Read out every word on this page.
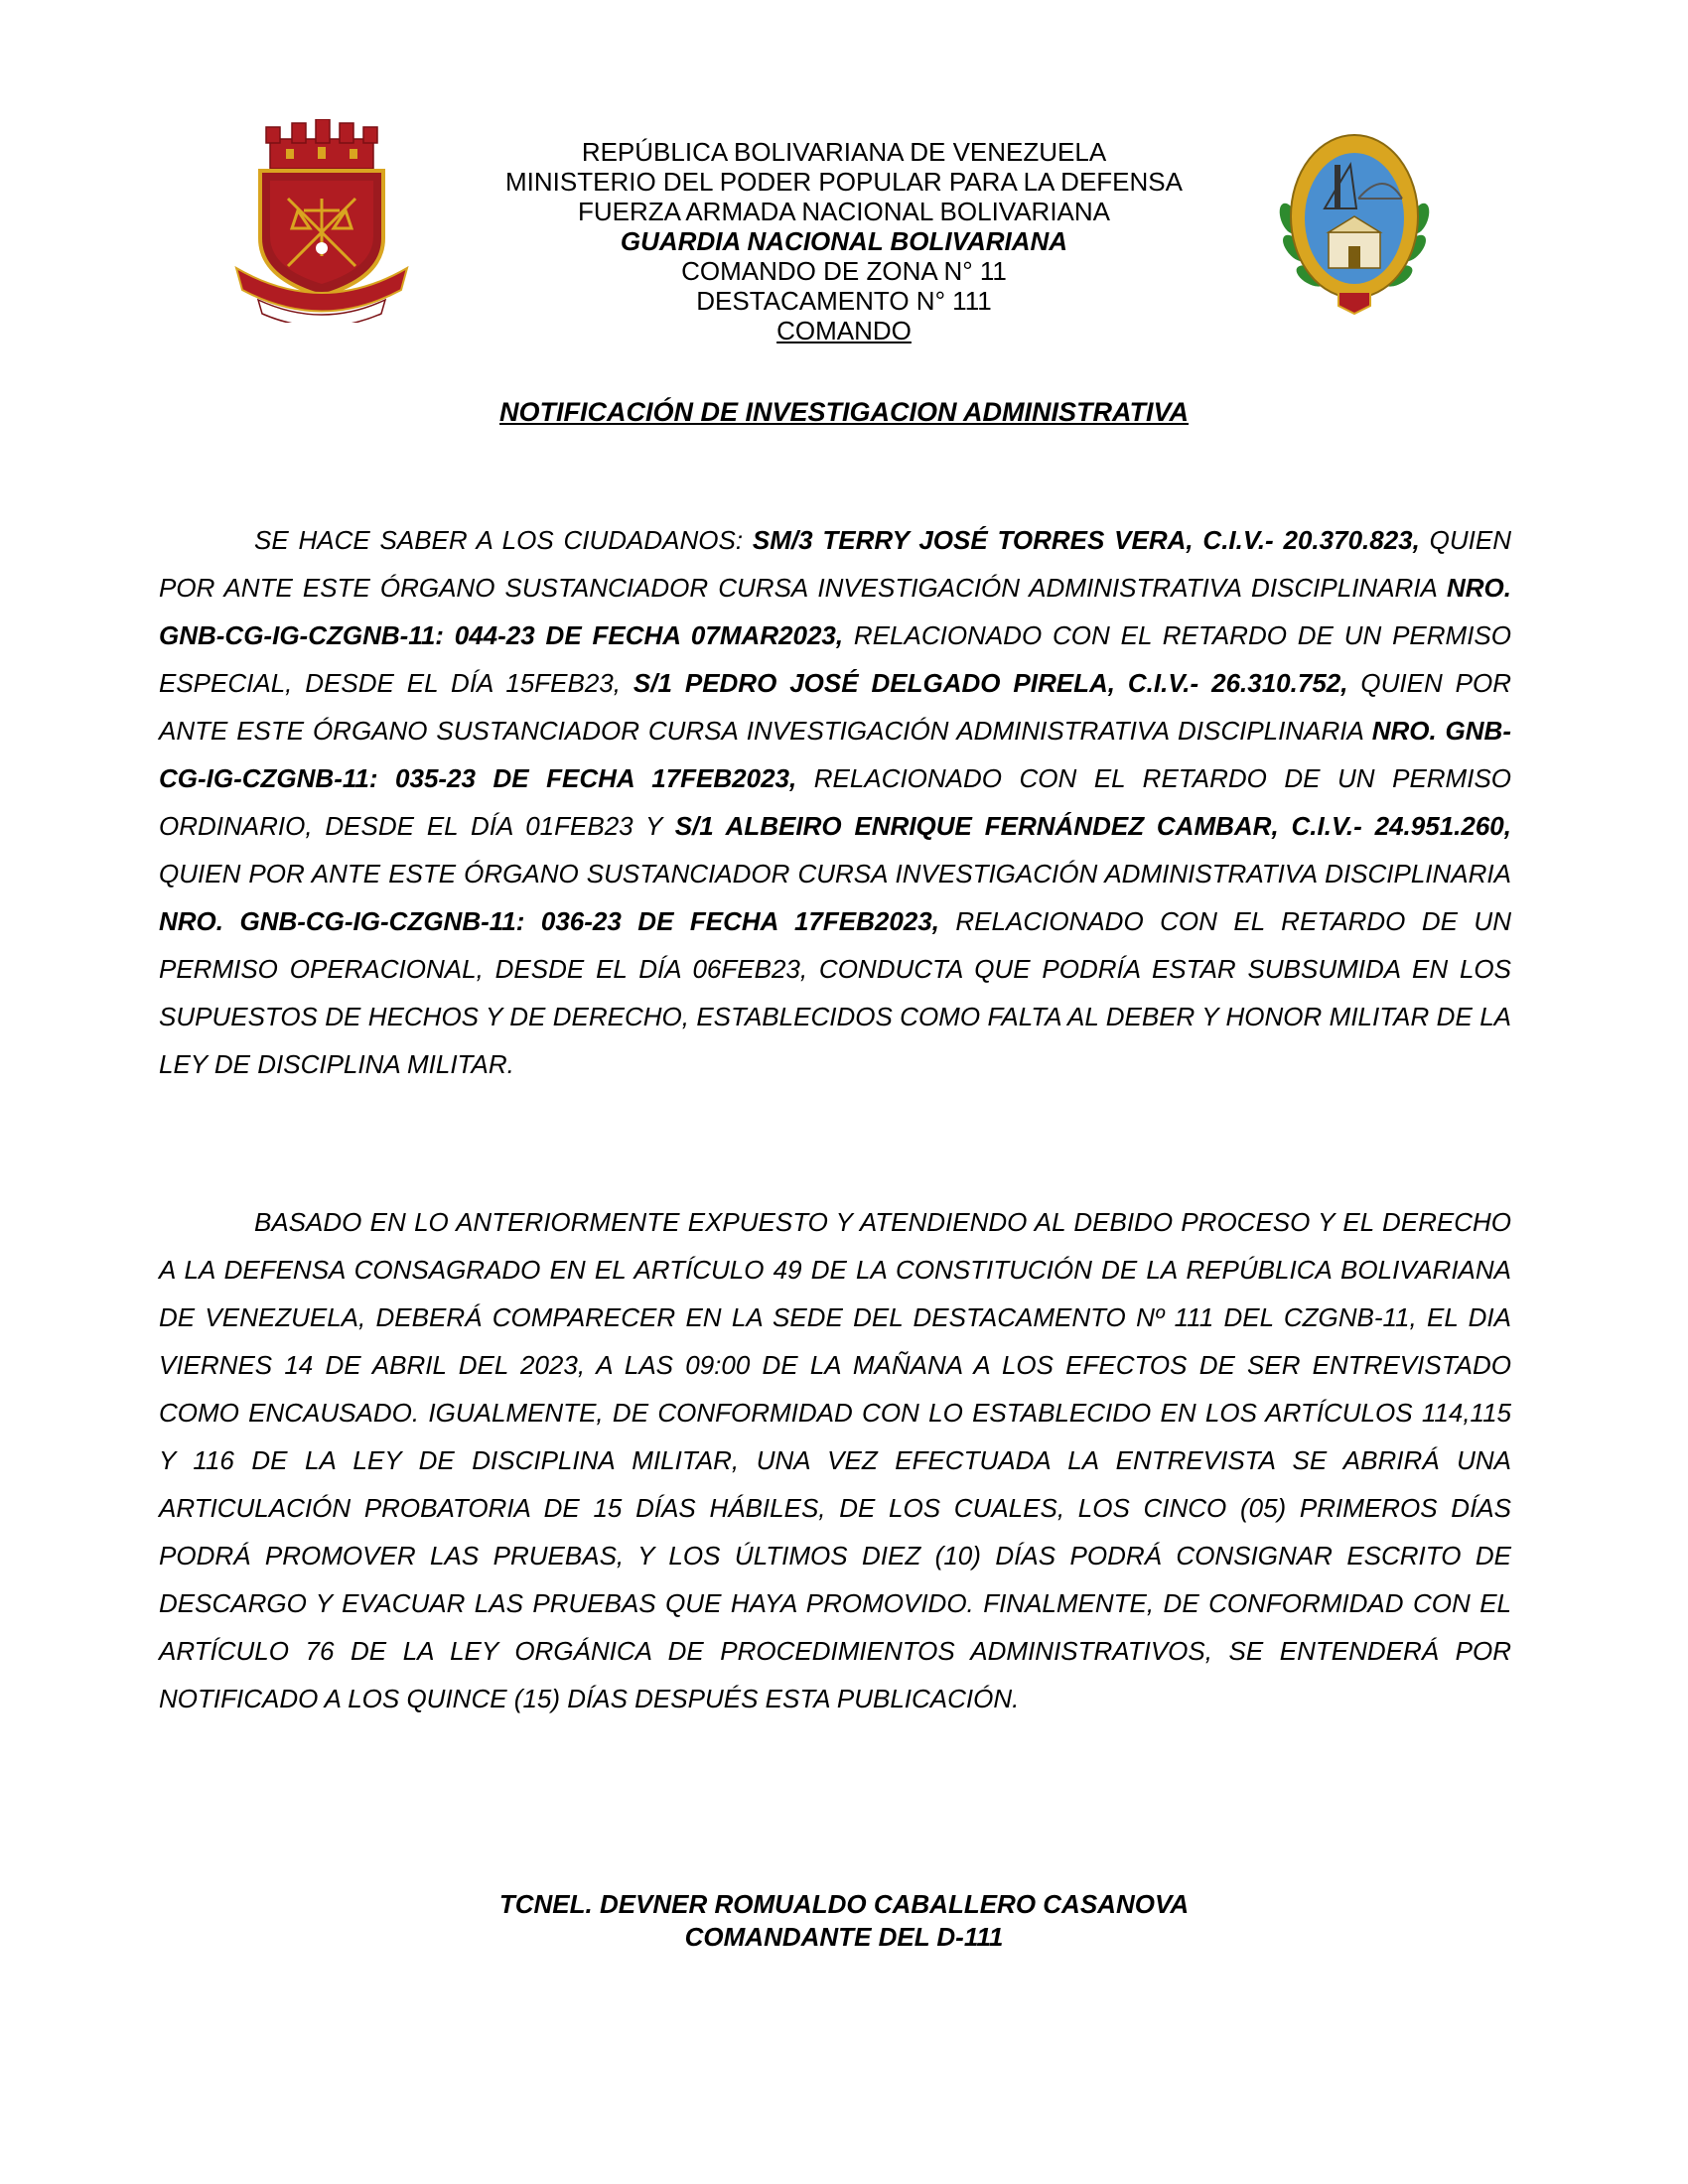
REPÚBLICA BOLIVARIANA DE VENEZUELA
MINISTERIO DEL PODER POPULAR PARA LA DEFENSA
FUERZA ARMADA NACIONAL BOLIVARIANA
GUARDIA NACIONAL BOLIVARIANA
COMANDO DE ZONA N° 11
DESTACAMENTO N° 111
COMANDO
NOTIFICACIÓN DE INVESTIGACION ADMINISTRATIVA

SE HACE SABER A LOS CIUDADANOS: SM/3 TERRY JOSÉ TORRES VERA, C.I.V.- 20.370.823, QUIEN POR ANTE ESTE ÓRGANO SUSTANCIADOR CURSA INVESTIGACIÓN ADMINISTRATIVA DISCIPLINARIA NRO. GNB-CG-IG-CZGNB-11: 044-23 DE FECHA 07MAR2023, RELACIONADO CON EL RETARDO DE UN PERMISO ESPECIAL, DESDE EL DÍA 15FEB23, S/1 PEDRO JOSÉ DELGADO PIRELA, C.I.V.- 26.310.752, QUIEN POR ANTE ESTE ÓRGANO SUSTANCIADOR CURSA INVESTIGACIÓN ADMINISTRATIVA DISCIPLINARIA NRO. GNB-CG-IG-CZGNB-11: 035-23 DE FECHA 17FEB2023, RELACIONADO CON EL RETARDO DE UN PERMISO ORDINARIO, DESDE EL DÍA 01FEB23 Y S/1 ALBEIRO ENRIQUE FERNÁNDEZ CAMBAR, C.I.V.- 24.951.260, QUIEN POR ANTE ESTE ÓRGANO SUSTANCIADOR CURSA INVESTIGACIÓN ADMINISTRATIVA DISCIPLINARIA NRO. GNB-CG-IG-CZGNB-11: 036-23 DE FECHA 17FEB2023, RELACIONADO CON EL RETARDO DE UN PERMISO OPERACIONAL, DESDE EL DÍA 06FEB23, CONDUCTA QUE PODRÍA ESTAR SUBSUMIDA EN LOS SUPUESTOS DE HECHOS Y DE DERECHO, ESTABLECIDOS COMO FALTA AL DEBER Y HONOR MILITAR DE LA LEY DE DISCIPLINA MILITAR.

BASADO EN LO ANTERIORMENTE EXPUESTO Y ATENDIENDO AL DEBIDO PROCESO Y EL DERECHO A LA DEFENSA CONSAGRADO EN EL ARTÍCULO 49 DE LA CONSTITUCIÓN DE LA REPÚBLICA BOLIVARIANA DE VENEZUELA, DEBERÁ COMPARECER EN LA SEDE DEL DESTACAMENTO Nº 111 DEL CZGNB-11, EL DIA VIERNES 14 DE ABRIL DEL 2023, A LAS 09:00 DE LA MAÑANA A LOS EFECTOS DE SER ENTREVISTADO COMO ENCAUSADO. IGUALMENTE, DE CONFORMIDAD CON LO ESTABLECIDO EN LOS ARTÍCULOS 114,115 Y 116 DE LA LEY DE DISCIPLINA MILITAR, UNA VEZ EFECTUADA LA ENTREVISTA SE ABRIRÁ UNA ARTICULACIÓN PROBATORIA DE 15 DÍAS HÁBILES, DE LOS CUALES, LOS CINCO (05) PRIMEROS DÍAS PODRÁ PROMOVER LAS PRUEBAS, Y LOS ÚLTIMOS DIEZ (10) DÍAS PODRÁ CONSIGNAR ESCRITO DE DESCARGO Y EVACUAR LAS PRUEBAS QUE HAYA PROMOVIDO. FINALMENTE, DE CONFORMIDAD CON EL ARTÍCULO 76 DE LA LEY ORGÁNICA DE PROCEDIMIENTOS ADMINISTRATIVOS, SE ENTENDERÁ POR NOTIFICADO A LOS QUINCE (15) DÍAS DESPUÉS ESTA PUBLICACIÓN.

TCNEL. DEVNER ROMUALDO CABALLERO CASANOVA
COMANDANTE DEL D-111
